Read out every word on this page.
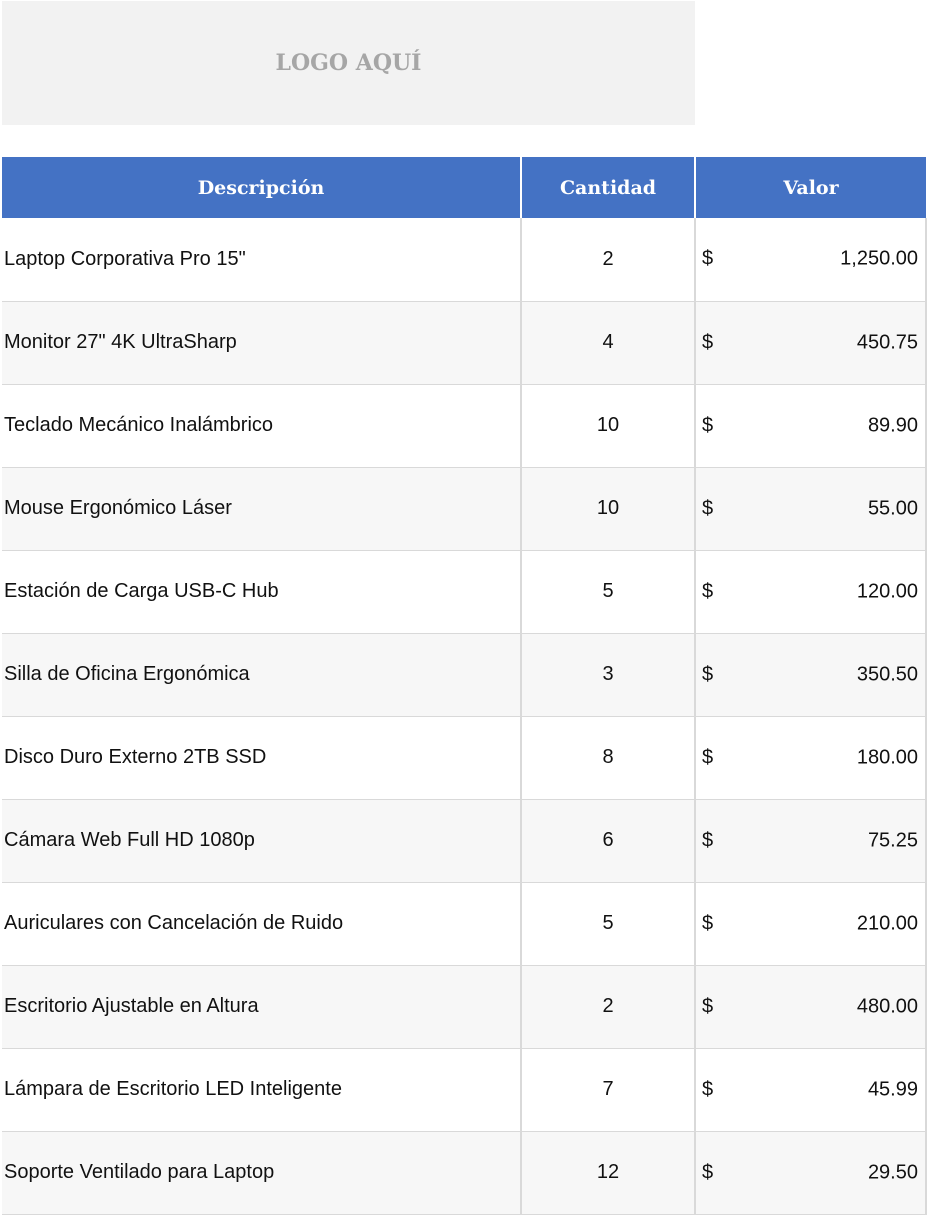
LOGO AQUÍ
Descripción	Cantidad	Valor
Laptop Corporativa Pro 15"	2	$ 1,250.00

Monitor 27" 4K UltraSharp	4	$ 450.75

Teclado Mecánico Inalámbrico	10	$ 89.90

Mouse Ergonómico Láser	10	$ 55.00

Estación de Carga USB-C Hub	5	$ 120.00

Silla de Oficina Ergonómica	3	$ 350.50

Disco Duro Externo 2TB SSD	8	$ 180.00

Cámara Web Full HD 1080p	6	$ 75.25

Auriculares con Cancelación de Ruido	5	$ 210.00

Escritorio Ajustable en Altura	2	$ 480.00

Lámpara de Escritorio LED Inteligente	7	$ 45.99

Soporte Ventilado para Laptop	12	$ 29.50
